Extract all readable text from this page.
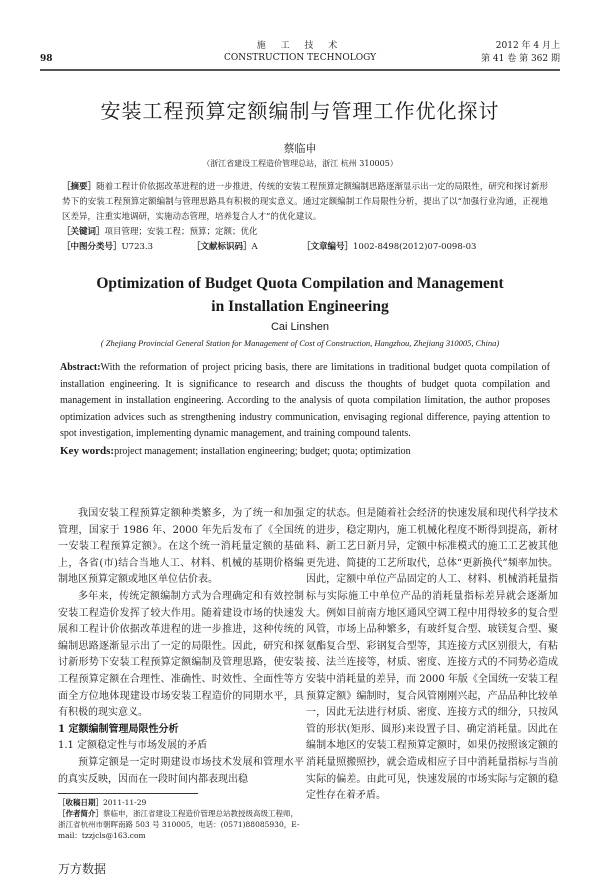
施 工 技 术
CONSTRUCTION TECHNOLOGY
98
2012 年 4 月上
第 41 卷 第 362 期
安装工程预算定额编制与管理工作优化探讨
蔡临申
（浙江省建设工程造价管理总站，浙江 杭州 310005）
［摘要］随着工程计价依据改革进程的进一步推进，传统的安装工程预算定额编制思路逐渐显示出一定的局限性，研究和探讨新形势下的安装工程预算定额编制与管理思路具有积极的现实意义。通过定额编制工作局限性分析，提出了以“加强行业沟通，正视地区差异，注重实地调研，实施动态管理，培养复合人才”的优化建议。
［关键词］项目管理；安装工程；预算；定额；优化
［中图分类号］U723.3	［文献标识码］A	［文章编号］1002-8498(2012)07-0098-03
Optimization of Budget Quota Compilation and Management in Installation Engineering
Cai Linshen
( Zhejiang Provincial General Station for Management of Cost of Construction, Hangzhou, Zhejiang 310005, China)
Abstract:With the reformation of project pricing basis, there are limitations in traditional budget quota compilation of installation engineering. It is significance to research and discuss the thoughts of budget quota compilation and management in installation engineering. According to the analysis of quota compilation limitation, the author proposes optimization advices such as strengthening industry communication, envisaging regional difference, paying attention to spot investigation, implementing dynamic management, and training compound talents.
Key words:project management; installation engineering; budget; quota; optimization

我国安装工程预算定额种类繁多，为了统一和加强管理，国家于 1986 年、2000 年先后发布了《全国统一安装工程预算定额》。在这个统一消耗量定额的基础上，各省(市)结合当地人工、材料、机械的基期价格编制地区预算定额或地区单位估价表。

多年来，传统定额编制方式为合理确定和有效控制安装工程造价发挥了较大作用。随着建设市场的快速发展和工程计价依据改革进程的进一步推进，这种传统的编制思路逐渐显示出了一定的局限性。因此，研究和探讨新形势下安装工程预算定额编制及管理思路，使安装工程预算定额在合理性、准确性、时效性、全面性等方面全方位地体现建设市场安装工程造价的同期水平，具有积极的现实意义。

1 定额编制管理局限性分析

1.1 定额稳定性与市场发展的矛盾

预算定额是一定时期建设市场技术发展和管理水平的真实反映，因而在一段时间内都表现出稳

定的状态。但是随着社会经济的快速发展和现代科学技术的进步，稳定期内，施工机械化程度不断得到提高，新材料、新工艺日新月异，定额中标准模式的施工工艺被其他更先进、简捷的工艺所取代，总体“更新换代”频率加快。因此，定额中单位产品固定的人工、材料、机械消耗量指标与实际施工中单位产品的消耗量指标差异就会逐渐加大。例如目前南方地区通风空调工程中用得较多的复合型风管，市场上品种繁多，有玻纤复合型、玻镁复合型、聚氨酯复合型、彩钢复合型等，其连接方式区别很大，有粘接、法兰连接等，材质、密度、连接方式的不同势必造成安装中消耗量的差异，而 2000 年版《全国统一安装工程预算定额》编制时，复合风管刚刚兴起，产品品种比较单一，因此无法进行材质、密度、连接方式的细分，只按风管的形状(矩形、圆形)来设置子目、确定消耗量。因此在编制本地区的安装工程预算定额时，如果仍按照该定额的消耗量照搬照抄，就会造成相应子目中消耗量指标与当前实际的偏差。由此可见，快速发展的市场实际与定额的稳定性存在着矛盾。

［收稿日期］2011-11-29
［作者简介］蔡临申，浙江省建设工程造价管理总站教授级高级工程师，浙江省杭州市朝晖南路 503 号 310005，电话：(0571)88085930，E-mail：tzzjcls@163.com
万方数据
